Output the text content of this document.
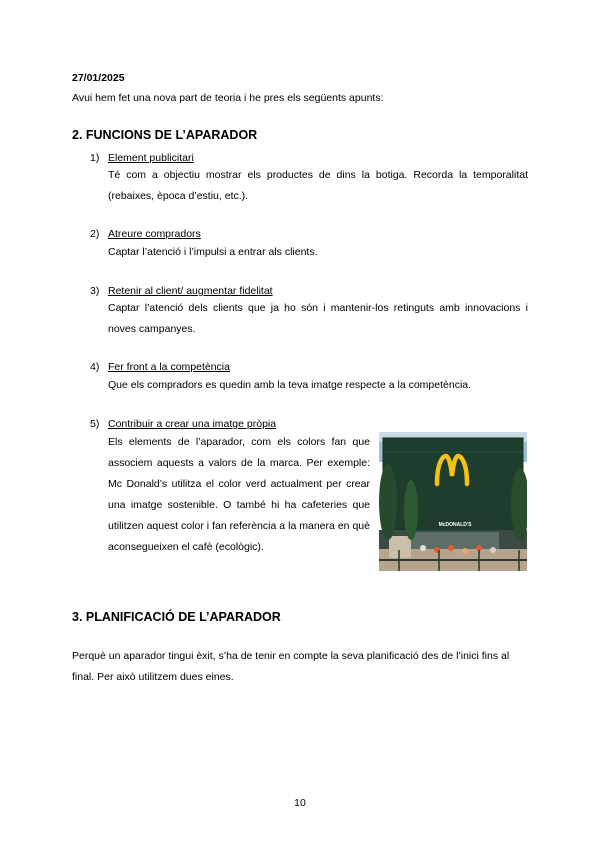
27/01/2025
Avui hem fet una nova part de teoria i he pres els següents apunts:
2. FUNCIONS DE L’APARADOR
1) Element publicitari
Té com a objectiu mostrar els productes de dins la botiga. Recorda la temporalitat (rebaixes, època d’estiu, etc.).
2) Atreure compradors
Captar l’atenció i l’impulsi a entrar als clients.
3) Retenir al client/ augmentar fidelitat
Captar l’atenció dels clients que ja ho són i mantenir-los retinguts amb innovacions i noves campanyes.
4) Fer front a la competència
Que els compradors es quedin amb la teva imatge respecte a la competència.
5) Contribuir a crear una imatge pròpia
Els elements de l’aparador, com els colors fan que associem aquests a valors de la marca. Per exemple: Mc Donald’s utilitza el color verd actualment per crear una imatge sostenible. O també hi ha cafeteries que utilitzen aquest color i fan referència a la manera en què aconsegueixen el cafè (ecològic).
McDONALD'S
3. PLANIFICACIÓ DE L’APARADOR
Perquè un aparador tingui èxit, s’ha de tenir en compte la seva planificació des de l’inici fins al final. Per això utilitzem dues eines.
10
